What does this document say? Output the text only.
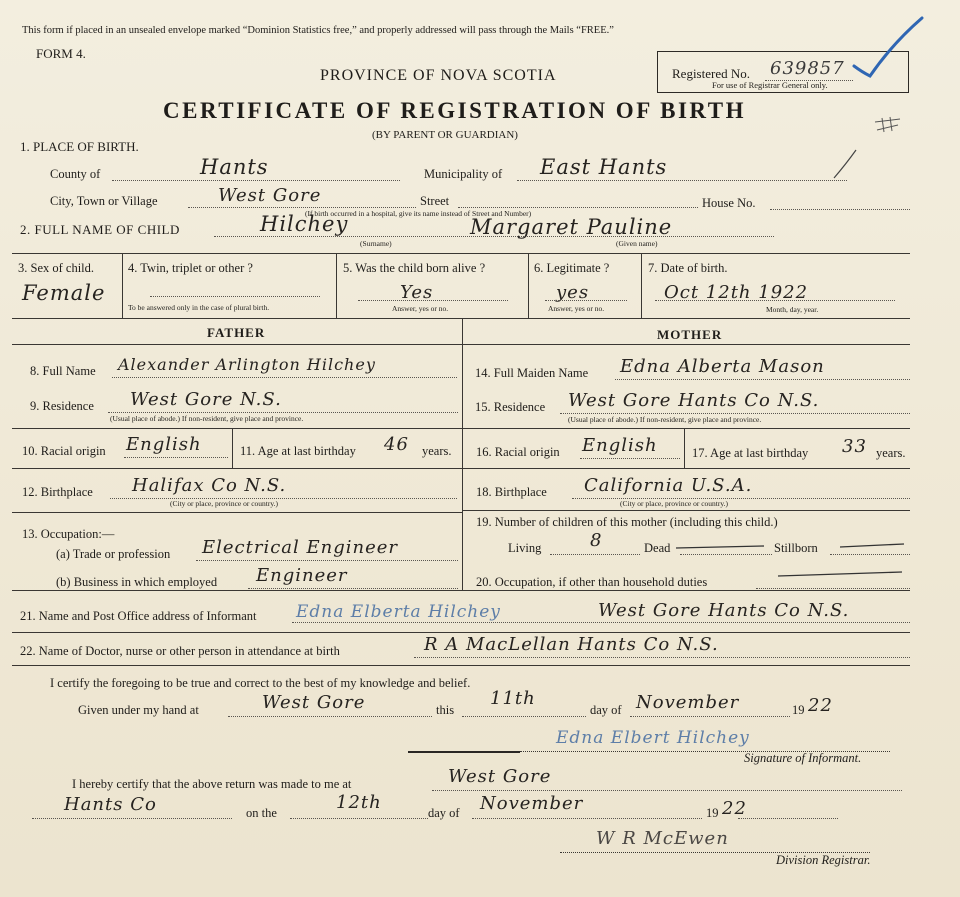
This form if placed in an unsealed envelope marked “Dominion Statistics free,” and properly addressed will pass through the Mails “FREE.”
FORM 4.
PROVINCE OF NOVA SCOTIA
CERTIFICATE OF REGISTRATION OF BIRTH
(BY PARENT OR GUARDIAN)
Registered No. 639857
For use of Registrar General only.
1. PLACE OF BIRTH.
County of	Hants	Municipality of East Hants
City, Town or Village	West Gore	Street	House No.
(If birth occurred in a hospital, give its name instead of Street and Number)
2. FULL NAME OF CHILD	Hilchey	Margaret Pauline
(Surname)	(Given name)
3. Sex of child.
Female
4. Twin, triplet or other ?
To be answered only in the case of plural birth.
5. Was the child born alive ?
Yes
Answer, yes or no.
6. Legitimate ?
yes
Answer, yes or no.
7. Date of birth.
Oct 12th 1922
Month, day, year.
FATHER	MOTHER
8. Full Name Alexander Arlington Hilchey
9. Residence West Gore N.S.
(Usual place of abode.) If non-resident, give place and province.
10. Racial origin English	11. Age at last birthday 46 years.
12. Birthplace Halifax Co N.S.
(City or place, province or country.)
13. Occupation:—
(a) Trade or profession Electrical Engineer
(b) Business in which employed Engineer
14. Full Maiden Name Edna Alberta Mason
15. Residence West Gore Hants Co N.S.
(Usual place of abode.) If non-resident, give place and province.
16. Racial origin English	17. Age at last birthday 33 years.
18. Birthplace California U.S.A.
(City or place, province or country.)
19. Number of children of this mother (including this child.)
Living	8	Dead	Stillborn
20. Occupation, if other than household duties
21. Name and Post Office address of Informant Edna Elberta Hilchey	West Gore Hants Co N.S.
22. Name of Doctor, nurse or other person in attendance at birth	R A MacLellan Hants Co N.S.
I certify the foregoing to be true and correct to the best of my knowledge and belief.
Given under my hand at	West Gore	this
11th
day of November	19 22
Edna Elbert Hilchey
Signature of Informant.
I hereby certify that the above return was made to me at	West Gore
Hants Co	on the	12th	day of November	19 22
W R McEwen
Division Registrar.
